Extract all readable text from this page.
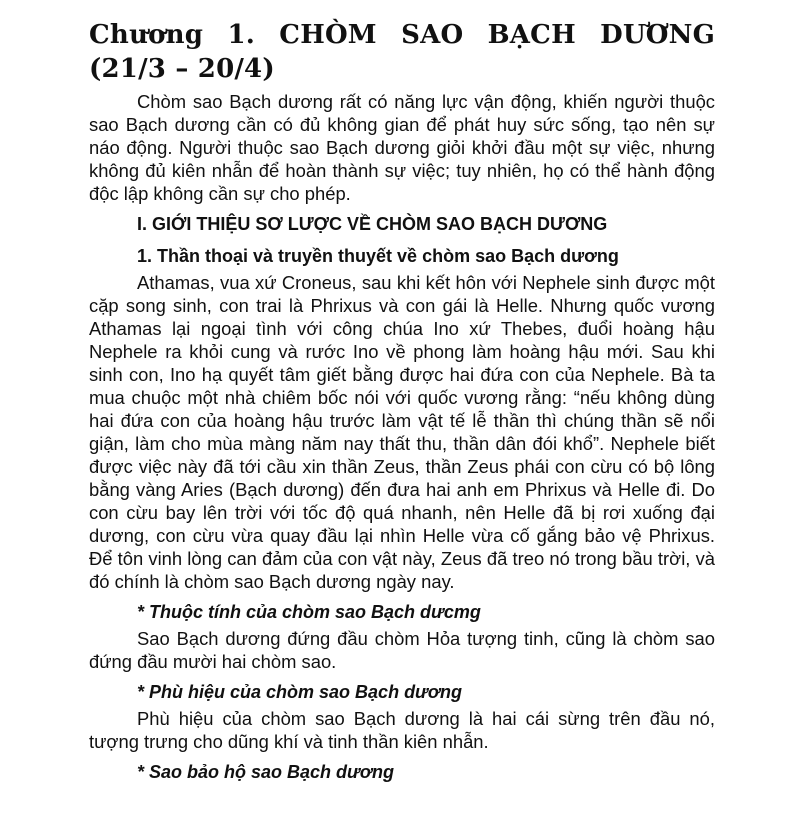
Chương 1. CHÒM SAO BẠCH DƯƠNG (21/3 – 20/4)

Chòm sao Bạch dương rất có năng lực vận động, khiến người thuộc sao Bạch dương cần có đủ không gian để phát huy sức sống, tạo nên sự náo động. Người thuộc sao Bạch dương giỏi khởi đầu một sự việc, nhưng không đủ kiên nhẫn để hoàn thành sự việc; tuy nhiên, họ có thể hành động độc lập không cần sự cho phép.

I. GIỚI THIỆU SƠ LƯỢC VỀ CHÒM SAO BẠCH DƯƠNG
1. Thần thoại và truyền thuyết về chòm sao Bạch dương

Athamas, vua xứ Croneus, sau khi kết hôn với Nephele sinh được một cặp song sinh, con trai là Phrixus và con gái là Helle. Nhưng quốc vương Athamas lại ngoại tình với công chúa Ino xứ Thebes, đuổi hoàng hậu Nephele ra khỏi cung và rước Ino về phong làm hoàng hậu mới. Sau khi sinh con, Ino hạ quyết tâm giết bằng được hai đứa con của Nephele. Bà ta mua chuộc một nhà chiêm bốc nói với quốc vương rằng: “nếu không dùng hai đứa con của hoàng hậu trước làm vật tế lễ thần thì chúng thần sẽ nổi giận, làm cho mùa màng năm nay thất thu, thần dân đói khổ”. Nephele biết được việc này đã tới cầu xin thần Zeus, thần Zeus phái con cừu có bộ lông bằng vàng Aries (Bạch dương) đến đưa hai anh em Phrixus và Helle đi. Do con cừu bay lên trời với tốc độ quá nhanh, nên Helle đã bị rơi xuống đại dương, con cừu vừa quay đầu lại nhìn Helle vừa cố gắng bảo vệ Phrixus. Để tôn vinh lòng can đảm của con vật này, Zeus đã treo nó trong bầu trời, và đó chính là chòm sao Bạch dương ngày nay.

* Thuộc tính của chòm sao Bạch dưcmg

Sao Bạch dương đứng đầu chòm Hỏa tượng tinh, cũng là chòm sao đứng đầu mười hai chòm sao.

* Phù hiệu của chòm sao Bạch dương

Phù hiệu của chòm sao Bạch dương là hai cái sừng trên đầu nó, tượng trưng cho dũng khí và tinh thần kiên nhẫn.

* Sao bảo hộ sao Bạch dương
